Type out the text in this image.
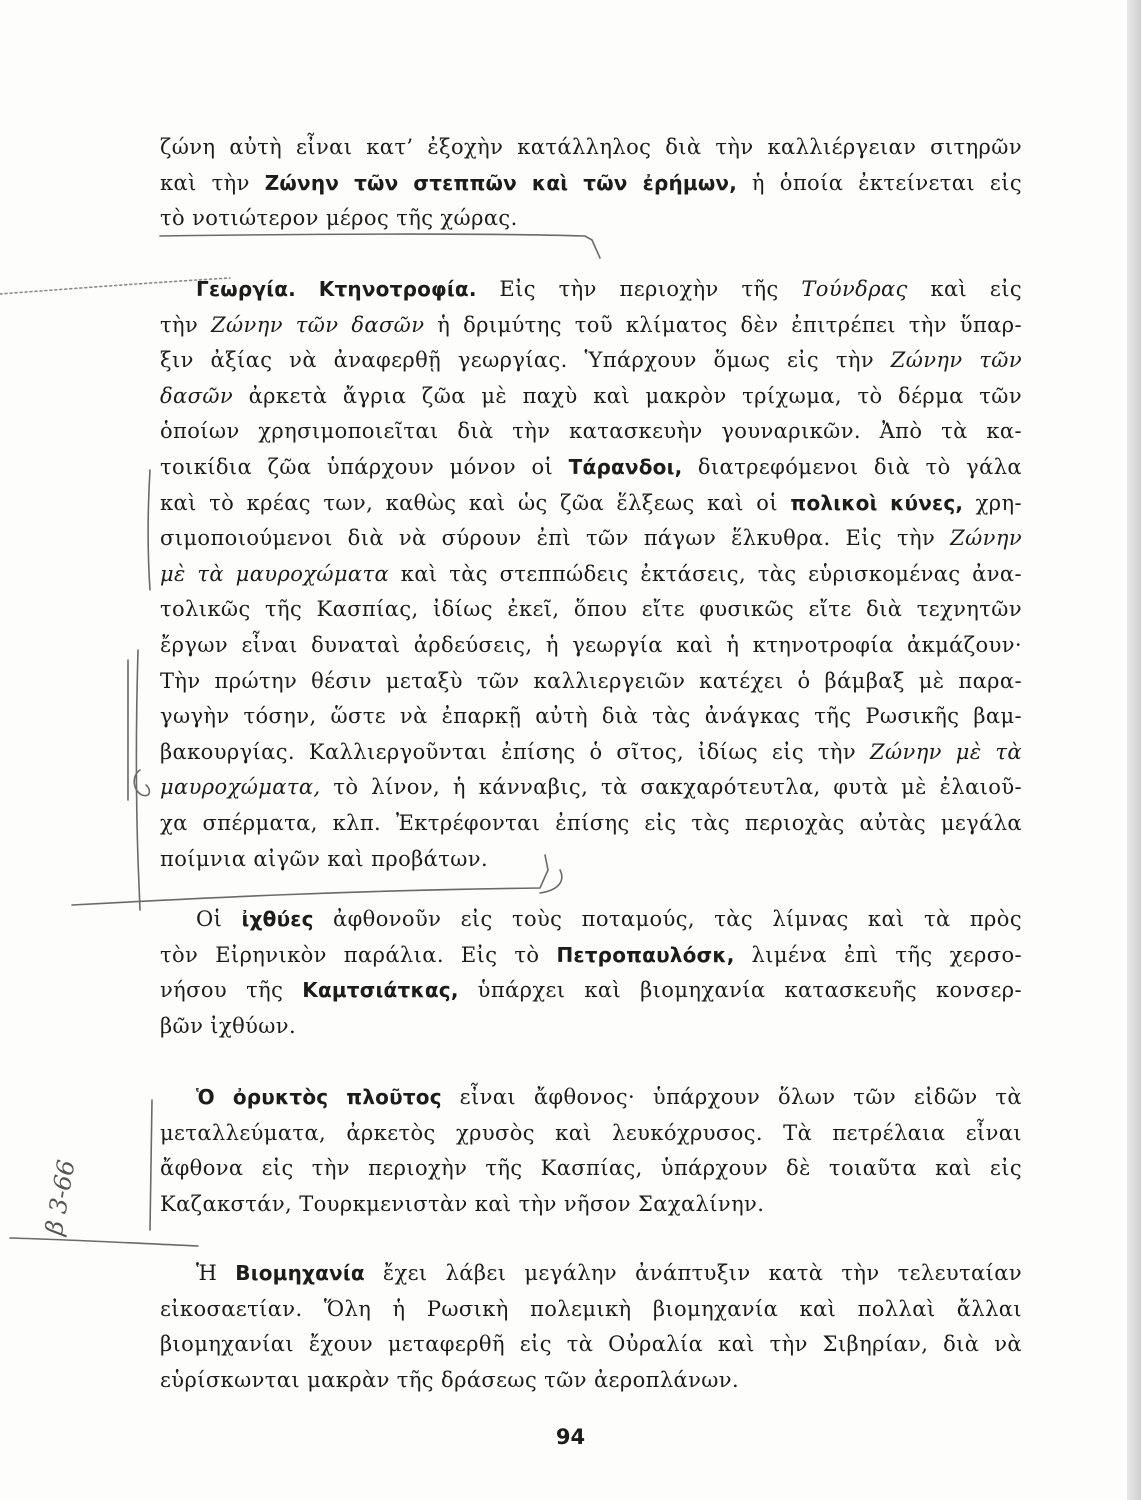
ζώνη αὐτὴ εἶναι κατ’ ἐξοχὴν κατάλληλος διὰ τὴν καλλιέργειαν σιτηρῶν
καὶ τὴν Ζώνην τῶν στεππῶν καὶ τῶν ἐρήμων, ἡ ὁποία ἐκτείνεται εἰς
τὸ νοτιώτερον μέρος τῆς χώρας.
Γεωργία. Κτηνοτροφία. Εἰς τὴν περιοχὴν τῆς Τούνδρας καὶ εἰς
τὴν Ζώνην τῶν δασῶν ἡ δριμύτης τοῦ κλίματος δὲν ἐπιτρέπει τὴν ὕπαρ-
ξιν ἀξίας νὰ ἀναφερθῇ γεωργίας. Ὑπάρχουν ὅμως εἰς τὴν Ζώνην τῶν
δασῶν ἀρκετὰ ἄγρια ζῶα μὲ παχὺ καὶ μακρὸν τρίχωμα, τὸ δέρμα τῶν
ὁποίων χρησιμοποιεῖται διὰ τὴν κατασκευὴν γουναρικῶν. Ἀπὸ τὰ κα-
τοικίδια ζῶα ὑπάρχουν μόνον οἱ Τάρανδοι, διατρεφόμενοι διὰ τὸ γάλα
καὶ τὸ κρέας των, καθὼς καὶ ὡς ζῶα ἕλξεως καὶ οἱ πολικοὶ κύνες, χρη-
σιμοποιούμενοι διὰ νὰ σύρουν ἐπὶ τῶν πάγων ἕλκυθρα. Εἰς τὴν Ζώνην
μὲ τὰ μαυροχώματα καὶ τὰς στεππώδεις ἐκτάσεις, τὰς εὑρισκομένας ἀνα-
τολικῶς τῆς Κασπίας, ἰδίως ἐκεῖ, ὅπου εἴτε φυσικῶς εἴτε διὰ τεχνητῶν
ἔργων εἶναι δυναταὶ ἀρδεύσεις, ἡ γεωργία καὶ ἡ κτηνοτροφία ἀκμάζουν·
Τὴν πρώτην θέσιν μεταξὺ τῶν καλλιεργειῶν κατέχει ὁ βάμβαξ μὲ παρα-
γωγὴν τόσην, ὥστε νὰ ἐπαρκῇ αὐτὴ διὰ τὰς ἀνάγκας τῆς Ρωσικῆς βαμ-
βακουργίας. Καλλιεργοῦνται ἐπίσης ὁ σῖτος, ἰδίως εἰς τὴν Ζώνην μὲ τὰ
μαυροχώματα, τὸ λίνον, ἡ κάνναβις, τὰ σακχαρότευτλα, φυτὰ μὲ ἐλαιοῦ-
χα σπέρματα, κλπ. Ἐκτρέφονται ἐπίσης εἰς τὰς περιοχὰς αὐτὰς μεγάλα
ποίμνια αἰγῶν καὶ προβάτων.
Οἱ ἰχθύες ἀφθονοῦν εἰς τοὺς ποταμούς, τὰς λίμνας καὶ τὰ πρὸς
τὸν Εἰρηνικὸν παράλια. Εἰς τὸ Πετροπαυλόσκ, λιμένα ἐπὶ τῆς χερσο-
νήσου τῆς Καμτσιάτκας, ὑπάρχει καὶ βιομηχανία κατασκευῆς κονσερ-
βῶν ἰχθύων.
Ὁ ὀρυκτὸς πλοῦτος εἶναι ἄφθονος· ὑπάρχουν ὅλων τῶν εἰδῶν τὰ
μεταλλεύματα, ἀρκετὸς χρυσὸς καὶ λευκόχρυσος. Τὰ πετρέλαια εἶναι
ἄφθονα εἰς τὴν περιοχὴν τῆς Κασπίας, ὑπάρχουν δὲ τοιαῦτα καὶ εἰς
Καζακστάν, Τουρκμενιστὰν καὶ τὴν νῆσον Σαχαλίνην.
Ἡ Βιομηχανία ἔχει λάβει μεγάλην ἀνάπτυξιν κατὰ τὴν τελευταίαν
εἰκοσαετίαν. Ὅλη ἡ Ρωσικὴ πολεμικὴ βιομηχανία καὶ πολλαὶ ἄλλαι
βιομηχανίαι ἔχουν μεταφερθῆ εἰς τὰ Οὐραλία καὶ τὴν Σιβηρίαν, διὰ νὰ
εὑρίσκωνται μακρὰν τῆς δράσεως τῶν ἀεροπλάνων.
94
β 3-66
